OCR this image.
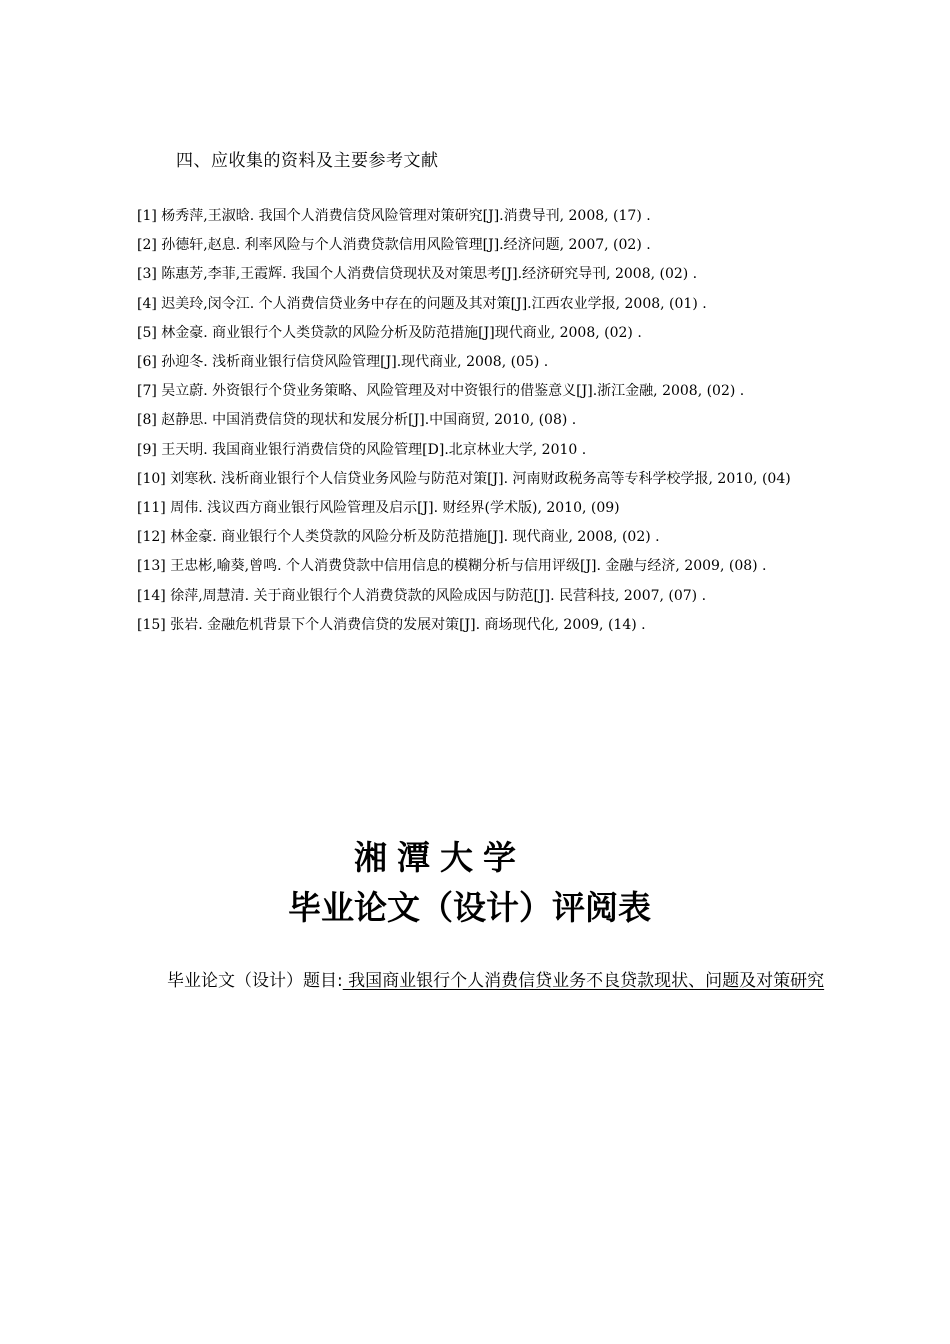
四、应收集的资料及主要参考文献
[1] 杨秀萍,王淑晗. 我国个人消费信贷风险管理对策研究[J].消费导刊, 2008, (17) .
[2] 孙德轩,赵息. 利率风险与个人消费贷款信用风险管理[J].经济问题, 2007, (02) .
[3] 陈惠芳,李菲,王霞辉. 我国个人消费信贷现状及对策思考[J].经济研究导刊, 2008, (02) .
[4] 迟美玲,闵令江. 个人消费信贷业务中存在的问题及其对策[J].江西农业学报, 2008, (01) .
[5] 林金豪. 商业银行个人类贷款的风险分析及防范措施[J]现代商业, 2008, (02) .
[6] 孙迎冬. 浅析商业银行信贷风险管理[J].现代商业, 2008, (05) .
[7] 吴立蔚. 外资银行个贷业务策略、风险管理及对中资银行的借鉴意义[J].浙江金融, 2008, (02) .
[8] 赵静思. 中国消费信贷的现状和发展分析[J].中国商贸, 2010, (08) .
[9] 王天明. 我国商业银行消费信贷的风险管理[D].北京林业大学, 2010 .
[10] 刘寒秋. 浅析商业银行个人信贷业务风险与防范对策[J]. 河南财政税务高等专科学校学报, 2010, (04)
[11] 周伟. 浅议西方商业银行风险管理及启示[J]. 财经界(学术版), 2010, (09)
[12] 林金豪. 商业银行个人类贷款的风险分析及防范措施[J]. 现代商业, 2008, (02) .
[13] 王忠彬,喻葵,曾鸣. 个人消费贷款中信用信息的模糊分析与信用评级[J]. 金融与经济, 2009, (08) .
[14] 徐萍,周慧清. 关于商业银行个人消费贷款的风险成因与防范[J]. 民营科技, 2007, (07) .
[15] 张岩. 金融危机背景下个人消费信贷的发展对策[J]. 商场现代化, 2009, (14) .
湘潭大学
毕业论文（设计）评阅表
毕业论文（设计）题目: 我国商业银行个人消费信贷业务不良贷款现状、问题及对策研究
